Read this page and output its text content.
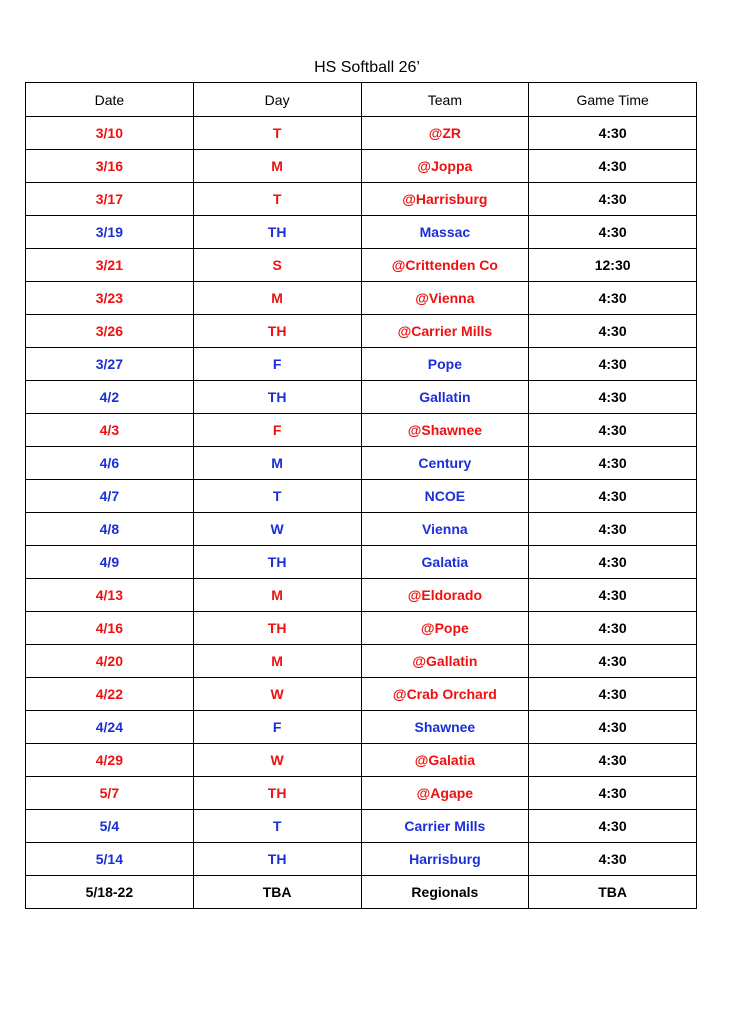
HS Softball 26’
Date	Day	Team	Game Time
3/10	T	@ZR	4:30
3/16	M	@Joppa	4:30
3/17	T	@Harrisburg	4:30
3/19	TH	Massac	4:30
3/21	S	@Crittenden Co	12:30
3/23	M	@Vienna	4:30
3/26	TH	@Carrier Mills	4:30
3/27	F	Pope	4:30
4/2	TH	Gallatin	4:30
4/3	F	@Shawnee	4:30
4/6	M	Century	4:30
4/7	T	NCOE	4:30
4/8	W	Vienna	4:30
4/9	TH	Galatia	4:30
4/13	M	@Eldorado	4:30
4/16	TH	@Pope	4:30
4/20	M	@Gallatin	4:30
4/22	W	@Crab Orchard	4:30
4/24	F	Shawnee	4:30
4/29	W	@Galatia	4:30
5/7	TH	@Agape	4:30
5/4	T	Carrier Mills	4:30
5/14	TH	Harrisburg	4:30
5/18-22	TBA	Regionals	TBA
